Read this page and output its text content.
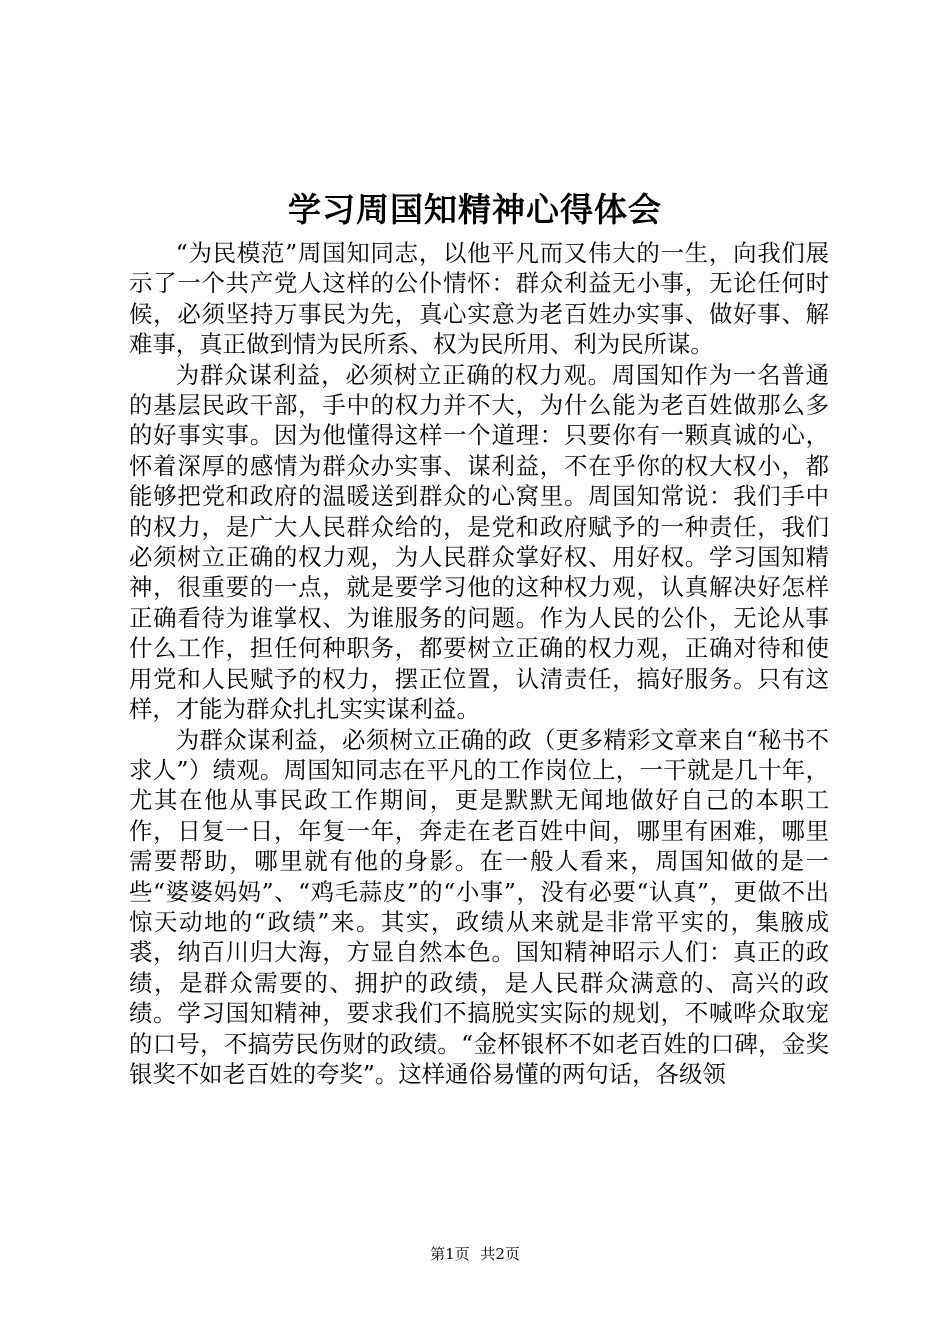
学习周国知精神心得体会

“为民模范”周国知同志，以他平凡而又伟大的一生，向我们展示了一个共产党人这样的公仆情怀：群众利益无小事，无论任何时候，必须坚持万事民为先，真心实意为老百姓办实事、做好事、解难事，真正做到情为民所系、权为民所用、利为民所谋。

为群众谋利益，必须树立正确的权力观。周国知作为一名普通的基层民政干部，手中的权力并不大，为什么能为老百姓做那么多的好事实事。因为他懂得这样一个道理：只要你有一颗真诚的心，怀着深厚的感情为群众办实事、谋利益，不在乎你的权大权小，都能够把党和政府的温暖送到群众的心窝里。周国知常说：我们手中的权力，是广大人民群众给的，是党和政府赋予的一种责任，我们必须树立正确的权力观，为人民群众掌好权、用好权。学习国知精神，很重要的一点，就是要学习他的这种权力观，认真解决好怎样正确看待为谁掌权、为谁服务的问题。作为人民的公仆，无论从事什么工作，担任何种职务，都要树立正确的权力观，正确对待和使用党和人民赋予的权力，摆正位置，认清责任，搞好服务。只有这样，才能为群众扎扎实实谋利益。

为群众谋利益，必须树立正确的政（更多精彩文章来自“秘书不求人”）绩观。周国知同志在平凡的工作岗位上，一干就是几十年，尤其在他从事民政工作期间，更是默默无闻地做好自己的本职工作，日复一日，年复一年，奔走在老百姓中间，哪里有困难，哪里需要帮助，哪里就有他的身影。在一般人看来，周国知做的是一些“婆婆妈妈”、“鸡毛蒜皮”的“小事”，没有必要“认真”，更做不出惊天动地的“政绩”来。其实，政绩从来就是非常平实的，集腋成裘，纳百川归大海，方显自然本色。国知精神昭示人们：真正的政绩，是群众需要的、拥护的政绩，是人民群众满意的、高兴的政绩。学习国知精神，要求我们不搞脱实实际的规划，不喊哗众取宠的口号，不搞劳民伤财的政绩。“金杯银杯不如老百姓的口碑，金奖银奖不如老百姓的夸奖”。这样通俗易懂的两句话，各级领

第1页 共2页
